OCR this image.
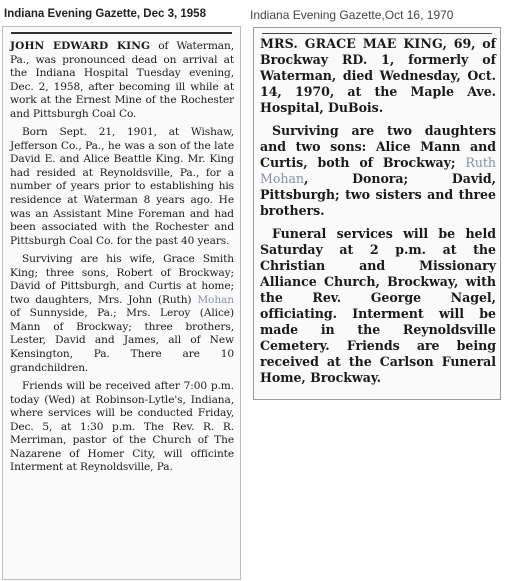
Indiana Evening Gazette, Dec 3, 1958	Indiana Evening Gazette,Oct 16, 1970

JOHN EDWARD KING of Waterman, Pa., was pronounced dead on arrival at the Indiana Hospital Tuesday evening, Dec. 2, 1958, after becoming ill while at work at the Ernest Mine of the Rochester and Pittsburgh Coal Co.

Born Sept. 21, 1901, at Wishaw, Jefferson Co., Pa., he was a son of the late David E. and Alice Beattle King. Mr. King had resided at Reynoldsville, Pa., for a number of years prior to establishing his residence at Waterman 8 years ago. He was an Assistant Mine Foreman and had been associated with the Rochester and Pittsburgh Coal Co. for the past 40 years.

Surviving are his wife, Grace Smith King; three sons, Robert of Brockway; David of Pittsburgh, and Curtis at home; two daughters, Mrs. John (Ruth) Mohan of Sunnyside, Pa.; Mrs. Leroy (Alice) Mann of Brockway; three brothers, Lester, David and James, all of New Kensington, Pa. There are 10 grandchildren.

Friends will be received after 7:00 p.m. today (Wed) at Robinson-Lytle's, Indiana, where services will be conducted Friday, Dec. 5, at 1:30 p.m. The Rev. R. R. Merriman, pastor of the Church of The Nazarene of Homer City, will officinte Interment at Reynoldsville, Pa.

MRS. GRACE MAE KING, 69, of Brockway RD. 1, formerly of Waterman, died Wednesday, Oct. 14, 1970, at the Maple Ave. Hospital, DuBois.

Surviving are two daughters and two sons: Alice Mann and Curtis, both of Brockway; Ruth Mohan, Donora; David, Pittsburgh; two sisters and three brothers.

Funeral services will be held Saturday at 2 p.m. at the Christian and Missionary Alliance Church, Brockway, with the Rev. George Nagel, officiating. Interment will be made in the Reynoldsville Cemetery. Friends are being received at the Carlson Funeral Home, Brockway.
